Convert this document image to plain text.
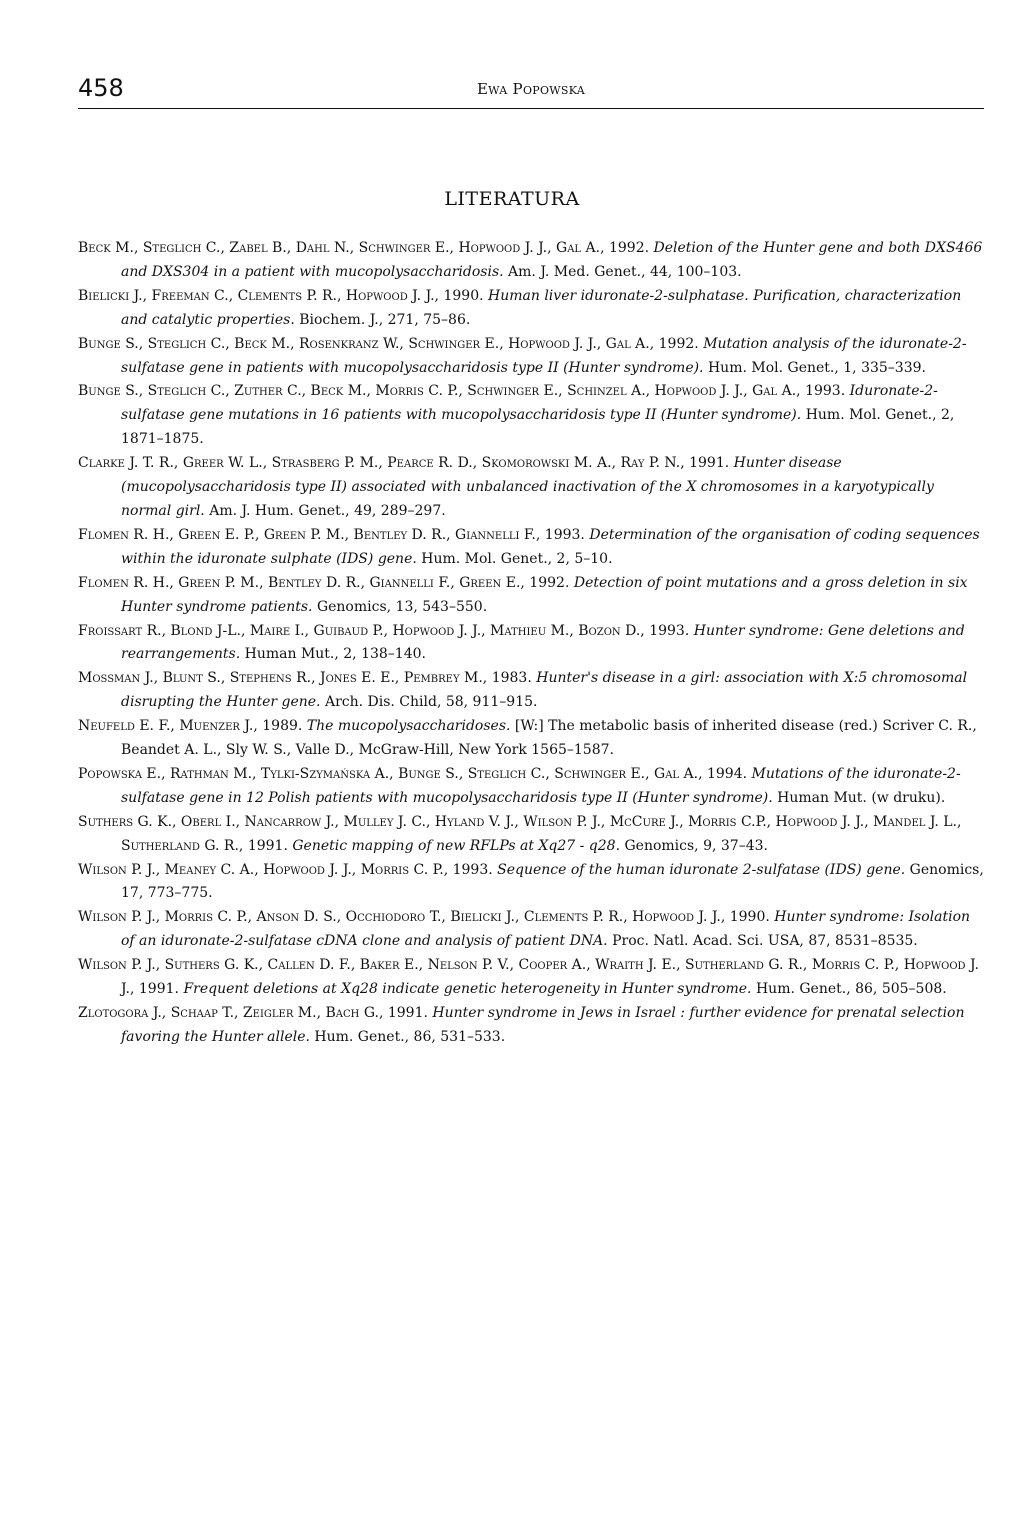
458	Ewa Popowska
LITERATURA
Beck M., Steglich C., Zabel B., Dahl N., Schwinger E., Hopwood J. J., Gal A., 1992. Deletion of the Hunter gene and both DXS466 and DXS304 in a patient with mucopolysaccharidosis. Am. J. Med. Genet., 44, 100–103.
Bielicki J., Freeman C., Clements P. R., Hopwood J. J., 1990. Human liver iduronate-2-sulphatase. Purification, characterization and catalytic properties. Biochem. J., 271, 75–86.
Bunge S., Steglich C., Beck M., Rosenkranz W., Schwinger E., Hopwood J. J., Gal A., 1992. Mutation analysis of the iduronate-2-sulfatase gene in patients with mucopolysaccharidosis type II (Hunter syndrome). Hum. Mol. Genet., 1, 335–339.
Bunge S., Steglich C., Zuther C., Beck M., Morris C. P., Schwinger E., Schinzel A., Hopwood J. J., Gal A., 1993. Iduronate-2-sulfatase gene mutations in 16 patients with mucopolysaccharidosis type II (Hunter syndrome). Hum. Mol. Genet., 2, 1871–1875.
Clarke J. T. R., Greer W. L., Strasberg P. M., Pearce R. D., Skomorowski M. A., Ray P. N., 1991. Hunter disease (mucopolysaccharidosis type II) associated with unbalanced inactivation of the X chromosomes in a karyotypically normal girl. Am. J. Hum. Genet., 49, 289–297.
Flomen R. H., Green E. P., Green P. M., Bentley D. R., Giannelli F., 1993. Determination of the organisation of coding sequences within the iduronate sulphate (IDS) gene. Hum. Mol. Genet., 2, 5–10.
Flomen R. H., Green P. M., Bentley D. R., Giannelli F., Green E., 1992. Detection of point mutations and a gross deletion in six Hunter syndrome patients. Genomics, 13, 543–550.
Froissart R., Blond J-L., Maire I., Guibaud P., Hopwood J. J., Mathieu M., Bozon D., 1993. Hunter syndrome: Gene deletions and rearrangements. Human Mut., 2, 138–140.
Mossman J., Blunt S., Stephens R., Jones E. E., Pembrey M., 1983. Hunter's disease in a girl: association with X:5 chromosomal disrupting the Hunter gene. Arch. Dis. Child, 58, 911–915.
Neufeld E. F., Muenzer J., 1989. The mucopolysaccharidoses. [W:] The metabolic basis of inherited disease (red.) Scriver C. R., Beandet A. L., Sly W. S., Valle D., McGraw-Hill, New York 1565–1587.
Popowska E., Rathman M., Tylki-Szymańska A., Bunge S., Steglich C., Schwinger E., Gal A., 1994. Mutations of the iduronate-2-sulfatase gene in 12 Polish patients with mucopolysaccharidosis type II (Hunter syndrome). Human Mut. (w druku).
Suthers G. K., Oberl I., Nancarrow J., Mulley J. C., Hyland V. J., Wilson P. J., McCure J., Morris C.P., Hopwood J. J., Mandel J. L., Sutherland G. R., 1991. Genetic mapping of new RFLPs at Xq27 - q28. Genomics, 9, 37–43.
Wilson P. J., Meaney C. A., Hopwood J. J., Morris C. P., 1993. Sequence of the human iduronate 2-sulfatase (IDS) gene. Genomics, 17, 773–775.
Wilson P. J., Morris C. P., Anson D. S., Occhiodoro T., Bielicki J., Clements P. R., Hopwood J. J., 1990. Hunter syndrome: Isolation of an iduronate-2-sulfatase cDNA clone and analysis of patient DNA. Proc. Natl. Acad. Sci. USA, 87, 8531–8535.
Wilson P. J., Suthers G. K., Callen D. F., Baker E., Nelson P. V., Cooper A., Wraith J. E., Sutherland G. R., Morris C. P., Hopwood J. J., 1991. Frequent deletions at Xq28 indicate genetic heterogeneity in Hunter syndrome. Hum. Genet., 86, 505–508.
Zlotogora J., Schaap T., Zeigler M., Bach G., 1991. Hunter syndrome in Jews in Israel : further evidence for prenatal selection favoring the Hunter allele. Hum. Genet., 86, 531–533.
